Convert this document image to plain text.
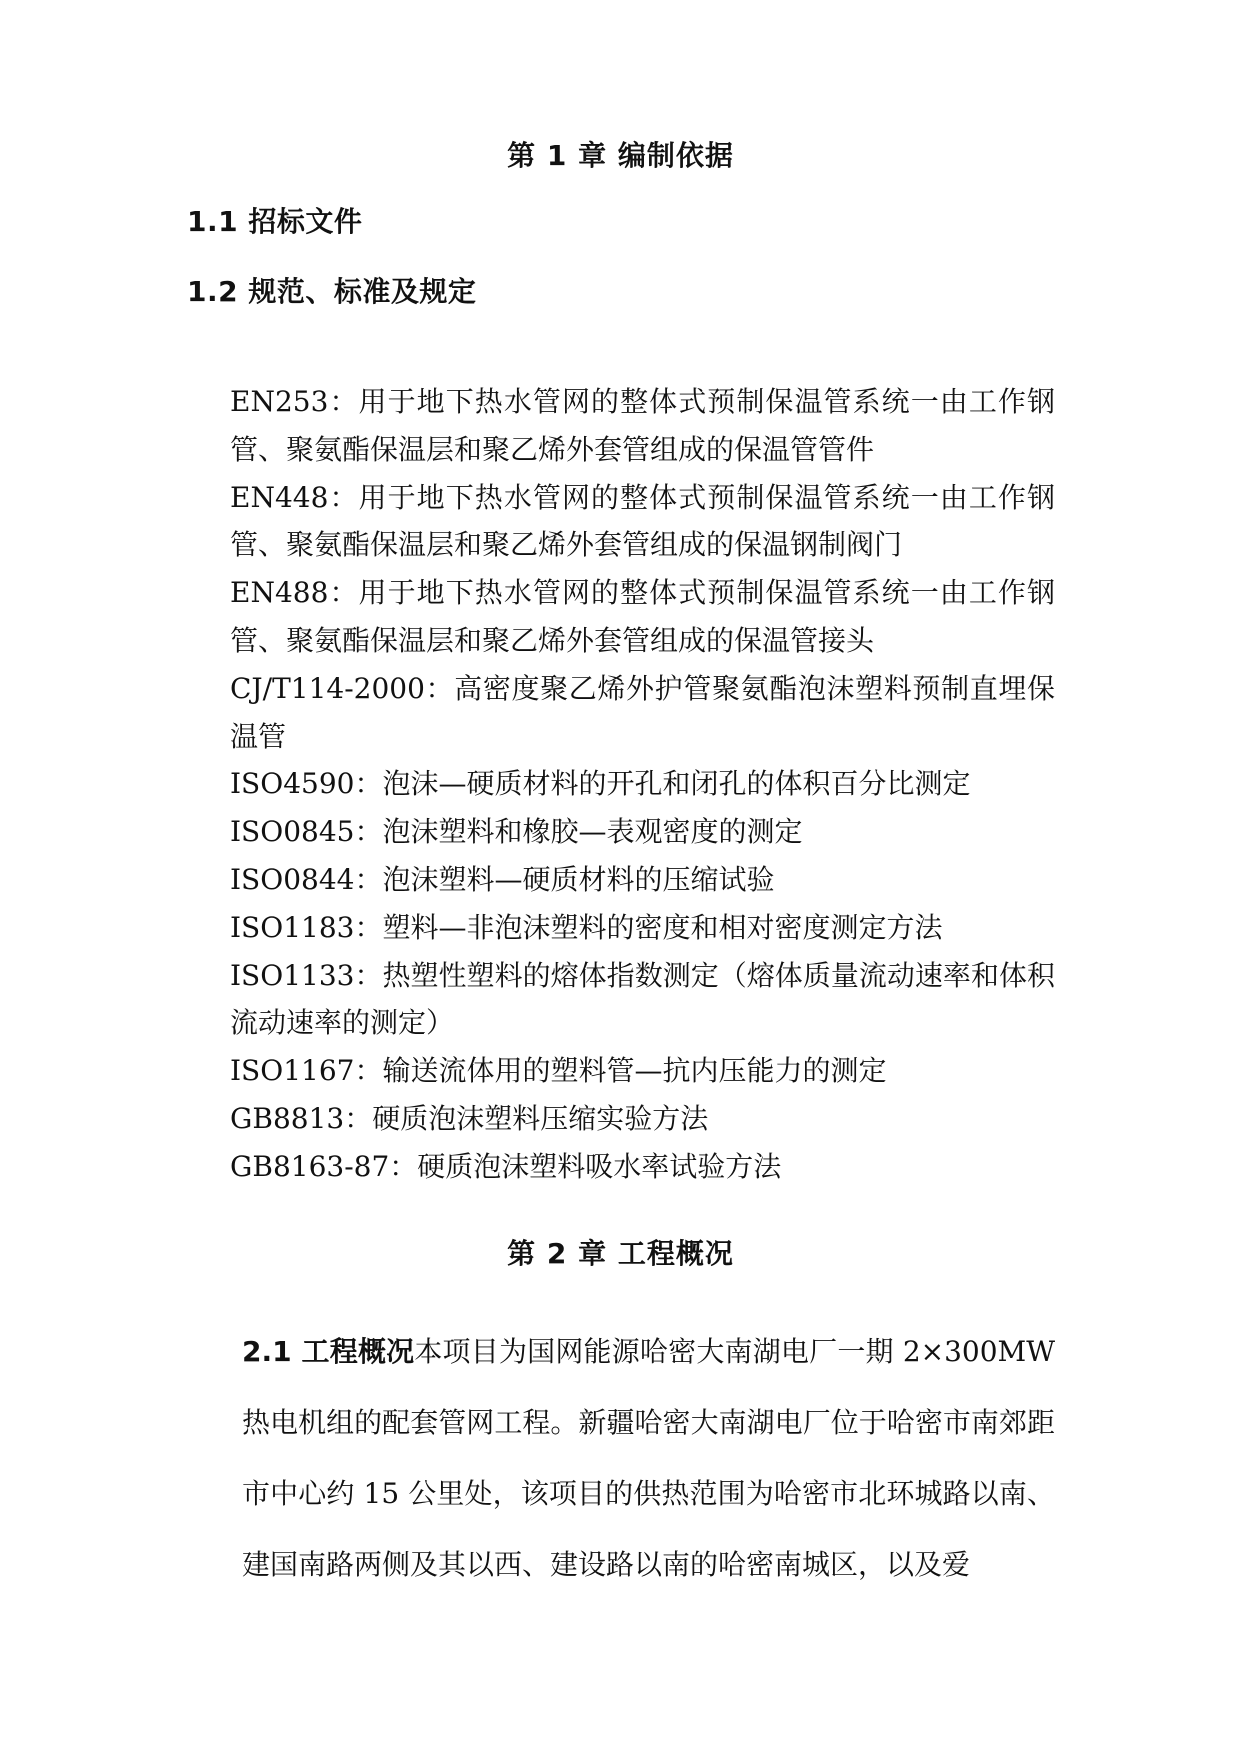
第 1 章 编制依据
1.1 招标文件
1.2 规范、标准及规定
EN253：用于地下热水管网的整体式预制保温管系统一由工作钢管、聚氨酯保温层和聚乙烯外套管组成的保温管管件
EN448：用于地下热水管网的整体式预制保温管系统一由工作钢管、聚氨酯保温层和聚乙烯外套管组成的保温钢制阀门
EN488：用于地下热水管网的整体式预制保温管系统一由工作钢管、聚氨酯保温层和聚乙烯外套管组成的保温管接头
CJ/T114-2000：高密度聚乙烯外护管聚氨酯泡沫塑料预制直埋保温管
ISO4590：泡沫—硬质材料的开孔和闭孔的体积百分比测定
ISO0845：泡沫塑料和橡胶—表观密度的测定
ISO0844：泡沫塑料—硬质材料的压缩试验
ISO1183：塑料—非泡沫塑料的密度和相对密度测定方法
ISO1133：热塑性塑料的熔体指数测定（熔体质量流动速率和体积流动速率的测定）
ISO1167：输送流体用的塑料管—抗内压能力的测定
GB8813：硬质泡沫塑料压缩实验方法
GB8163-87：硬质泡沫塑料吸水率试验方法
第 2 章 工程概况

2.1 工程概况本项目为国网能源哈密大南湖电厂一期 2×300MW 热电机组的配套管网工程。新疆哈密大南湖电厂位于哈密市南郊距市中心约 15 公里处，该项目的供热范围为哈密市北环城路以南、建国南路两侧及其以西、建设路以南的哈密南城区，以及爱
